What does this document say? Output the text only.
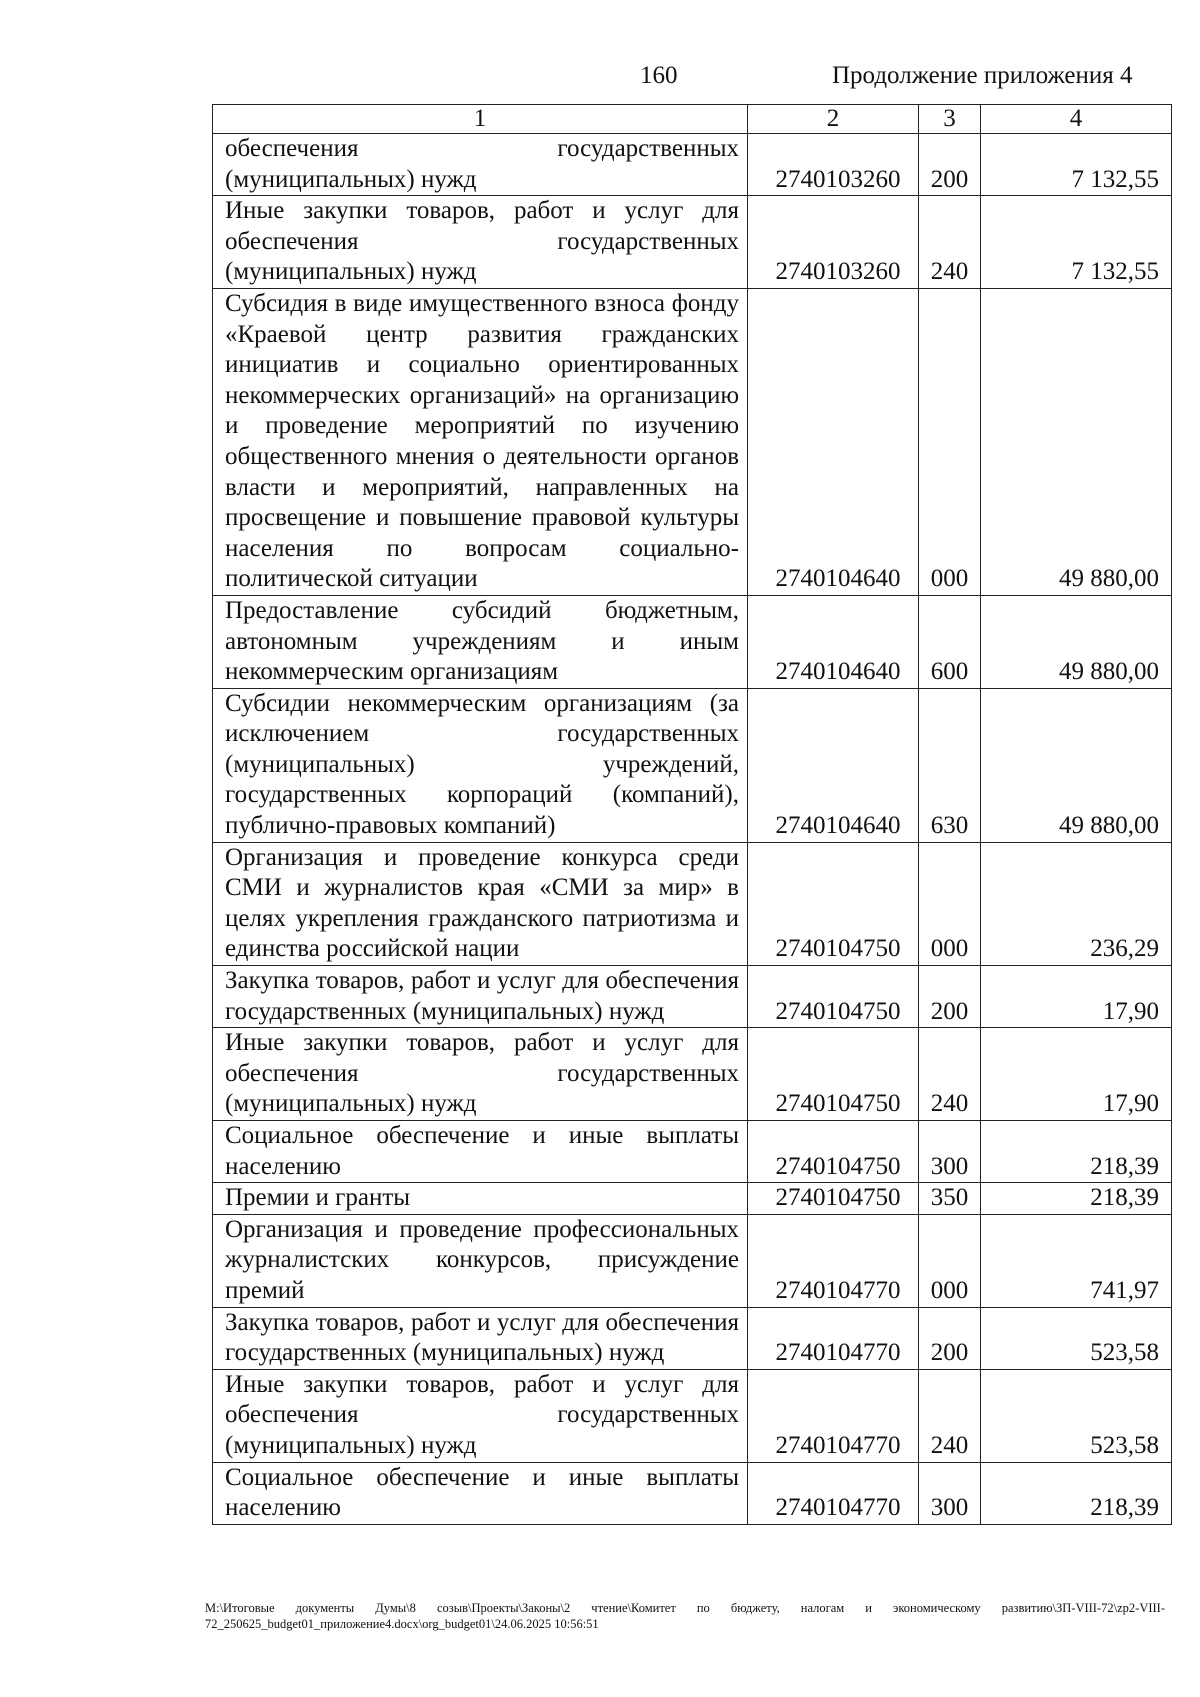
160	Продолжение приложения 4
1	2	3	4
обеспечения государственных (муниципальных) нужд	2740103260	200	7 132,55
Иные закупки товаров, работ и услуг для обеспечения государственных (муниципальных) нужд	2740103260	240	7 132,55
Субсидия в виде имущественного взноса фонду «Краевой центр развития гражданских инициатив и социально ориентированных некоммерческих организаций» на организацию и проведение мероприятий по изучению общественного мнения о деятельности органов власти и мероприятий, направленных на просвещение и повышение правовой культуры населения по вопросам социально-политической ситуации	2740104640	000	49 880,00
Предоставление субсидий бюджетным, автономным учреждениям и иным некоммерческим организациям	2740104640	600	49 880,00
Субсидии некоммерческим организациям (за исключением государственных (муниципальных) учреждений, государственных корпораций (компаний), публично-правовых компаний)	2740104640	630	49 880,00
Организация и проведение конкурса среди СМИ и журналистов края «СМИ за мир» в целях укрепления гражданского патриотизма и единства российской нации	2740104750	000	236,29
Закупка товаров, работ и услуг для обеспечения государственных (муниципальных) нужд	2740104750	200	17,90
Иные закупки товаров, работ и услуг для обеспечения государственных (муниципальных) нужд	2740104750	240	17,90
Социальное обеспечение и иные выплаты населению	2740104750	300	218,39
Премии и гранты	2740104750	350	218,39
Организация и проведение профессиональных журналистских конкурсов, присуждение премий	2740104770	000	741,97
Закупка товаров, работ и услуг для обеспечения государственных (муниципальных) нужд	2740104770	200	523,58
Иные закупки товаров, работ и услуг для обеспечения государственных (муниципальных) нужд	2740104770	240	523,58
Социальное обеспечение и иные выплаты населению	2740104770	300	218,39
M:\Итоговые документы Думы\8 созыв\Проекты\Законы\2 чтение\Комитет по бюджету, налогам и экономическому развитию\ЗП-VIII-72\zp2-VIII-72_250625_budget01_приложение4.docx\org_budget01\24.06.2025 10:56:51
